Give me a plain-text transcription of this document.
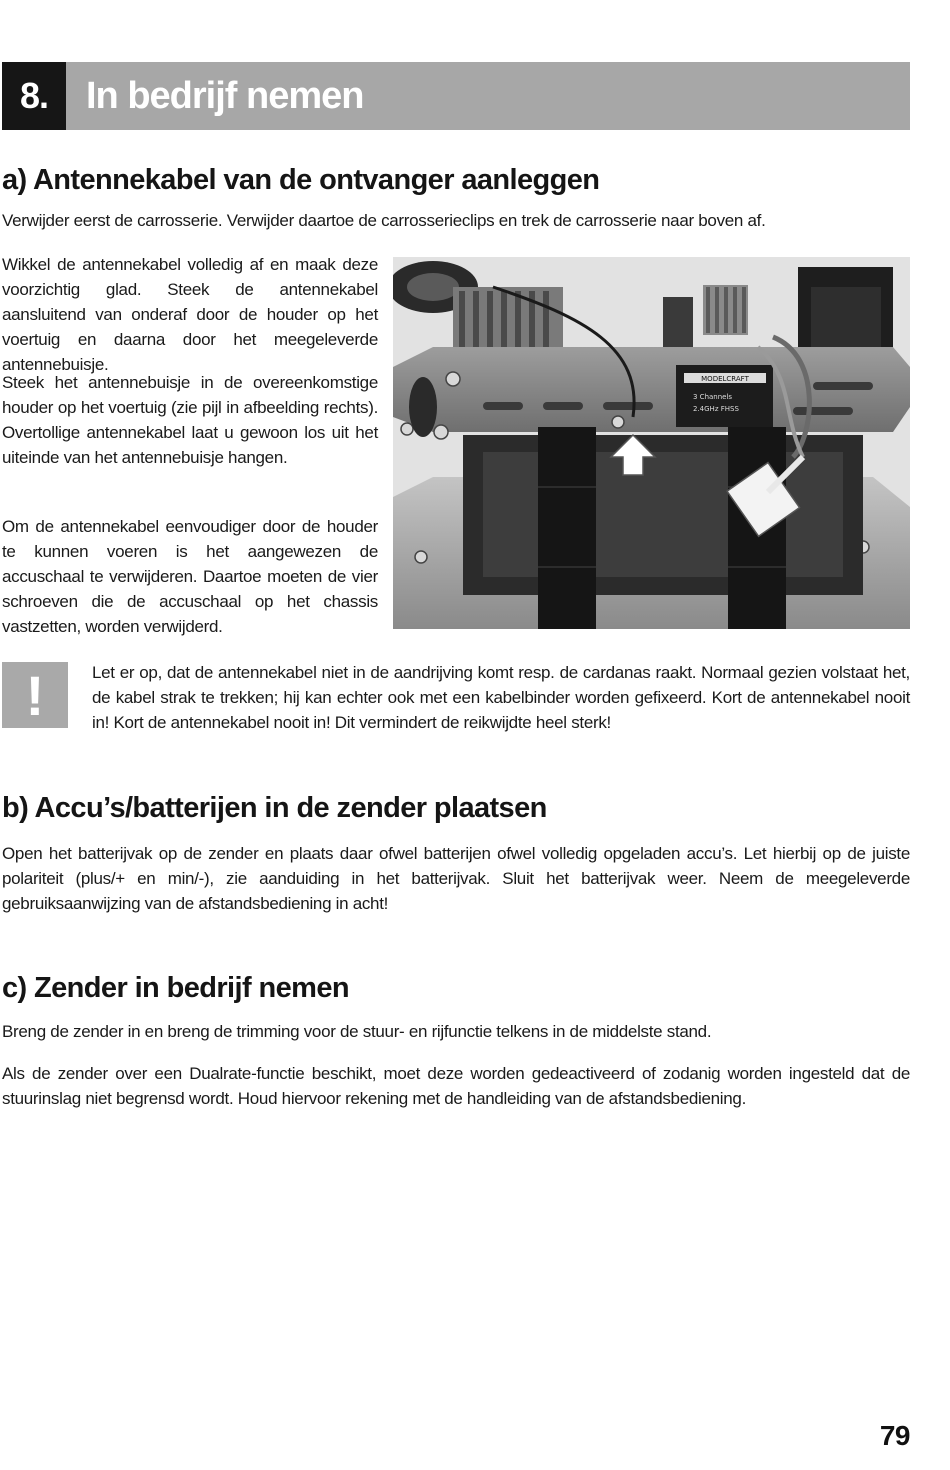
8. In bedrijf nemen
a) Antennekabel van de ontvanger aanleggen

Verwijder eerst de carrosserie. Verwijder daartoe de carrosserieclips en trek de carrosserie naar boven af.

Wikkel de antennekabel volledig af en maak deze voorzichtig glad. Steek de antennekabel aansluitend van onderaf door de houder op het voertuig en daarna door het meegeleverde antennebuisje.

Steek het antennebuisje in de overeenkomstige houder op het voertuig (zie pijl in afbeelding rechts). Overtollige antennekabel laat u gewoon los uit het uiteinde van het antennebuisje hangen.

Om de antennekabel eenvoudiger door de houder te kunnen voeren is het aangewezen de accuschaal te verwijderen. Daartoe moeten de vier schroeven die de accuschaal op het chassis vastzetten, worden verwijderd.

MODELCRAFT
3 Channels
2.4GHz FHSS
!	Let er op, dat de antennekabel niet in de aandrijving komt resp. de cardanas raakt. Normaal gezien volstaat het, de kabel strak te trekken; hij kan echter ook met een kabelbinder worden gefixeerd. Kort de antennekabel nooit in! Kort de antennekabel nooit in! Dit vermindert de reikwijdte heel sterk!

b) Accu’s/batterijen in de zender plaatsen

Open het batterijvak op de zender en plaats daar ofwel batterijen ofwel volledig opgeladen accu’s. Let hierbij op de juiste polariteit (plus/+ en min/-), zie aanduiding in het batterijvak. Sluit het batterijvak weer. Neem de meegeleverde gebruiksaanwijzing van de afstandsbediening in acht!

c) Zender in bedrijf nemen

Breng de zender in en breng de trimming voor de stuur- en rijfunctie telkens in de middelste stand.

Als de zender over een Dualrate-functie beschikt, moet deze worden gedeactiveerd of zodanig worden ingesteld dat de stuurinslag niet begrensd wordt. Houd hiervoor rekening met de handleiding van de afstandsbediening.

79
